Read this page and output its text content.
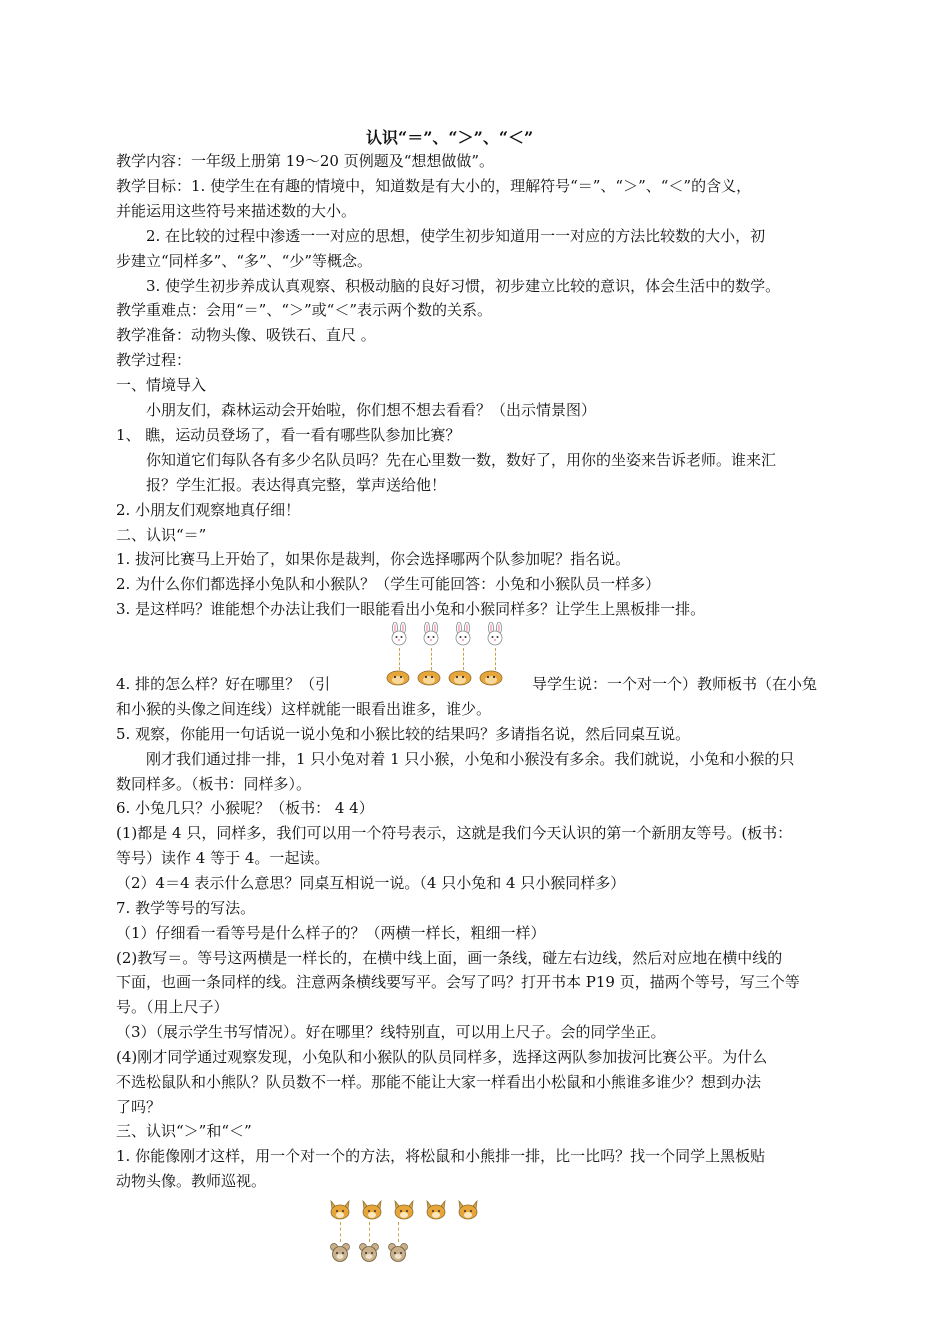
认识“＝”、“＞”、“＜”
教学内容：一年级上册第 19～20 页例题及“想想做做”。
教学目标：1. 使学生在有趣的情境中，知道数是有大小的，理解符号“＝”、“＞”、“＜”的含义，
并能运用这些符号来描述数的大小。
2. 在比较的过程中渗透一一对应的思想，使学生初步知道用一一对应的方法比较数的大小，初
步建立“同样多”、“多”、“少”等概念。
3. 使学生初步养成认真观察、积极动脑的良好习惯，初步建立比较的意识，体会生活中的数学。
教学重难点：会用“＝”、“＞”或“＜”表示两个数的关系。
教学准备：动物头像、吸铁石、直尺 。
教学过程：
一、情境导入
小朋友们，森林运动会开始啦，你们想不想去看看？（出示情景图）
1、 瞧，运动员登场了，看一看有哪些队参加比赛？
你知道它们每队各有多少名队员吗？先在心里数一数，数好了，用你的坐姿来告诉老师。谁来汇
报？学生汇报。表达得真完整，掌声送给他！
2. 小朋友们观察地真仔细！
二、认识“＝”
1. 拔河比赛马上开始了，如果你是裁判，你会选择哪两个队参加呢？指名说。
2. 为什么你们都选择小兔队和小猴队？（学生可能回答：小兔和小猴队员一样多）
3. 是这样吗？谁能想个办法让我们一眼能看出小兔和小猴同样多？让学生上黑板排一排。
4. 排的怎么样？好在哪里？（引	导学生说：一个对一个）教师板书（在小兔
和小猴的头像之间连线）这样就能一眼看出谁多，谁少。
5. 观察，你能用一句话说一说小兔和小猴比较的结果吗？多请指名说，然后同桌互说。
刚才我们通过排一排，1 只小兔对着 1 只小猴，小兔和小猴没有多余。我们就说，小兔和小猴的只
数同样多。（板书：同样多）。
6. 小兔几只？小猴呢？（板书： 4 4）
(1)都是 4 只，同样多，我们可以用一个符号表示，这就是我们今天认识的第一个新朋友等号。(板书：
等号）读作 4 等于 4。一起读。
（2）4＝4 表示什么意思？同桌互相说一说。（4 只小兔和 4 只小猴同样多）
7. 教学等号的写法。
（1）仔细看一看等号是什么样子的？（两横一样长，粗细一样）
(2)教写＝。等号这两横是一样长的，在横中线上面，画一条线，碰左右边线，然后对应地在横中线的
下面，也画一条同样的线。注意两条横线要写平。会写了吗？打开书本 P19 页，描两个等号，写三个等
号。（用上尺子）
（3）（展示学生书写情况）。好在哪里？线特别直，可以用上尺子。会的同学坐正。
(4)刚才同学通过观察发现，小兔队和小猴队的队员同样多，选择这两队参加拔河比赛公平。为什么
不选松鼠队和小熊队？队员数不一样。那能不能让大家一样看出小松鼠和小熊谁多谁少？想到办法
了吗？
三、认识“＞”和“＜”
1. 你能像刚才这样，用一个对一个的方法，将松鼠和小熊排一排，比一比吗？找一个同学上黑板贴
动物头像。教师巡视。
